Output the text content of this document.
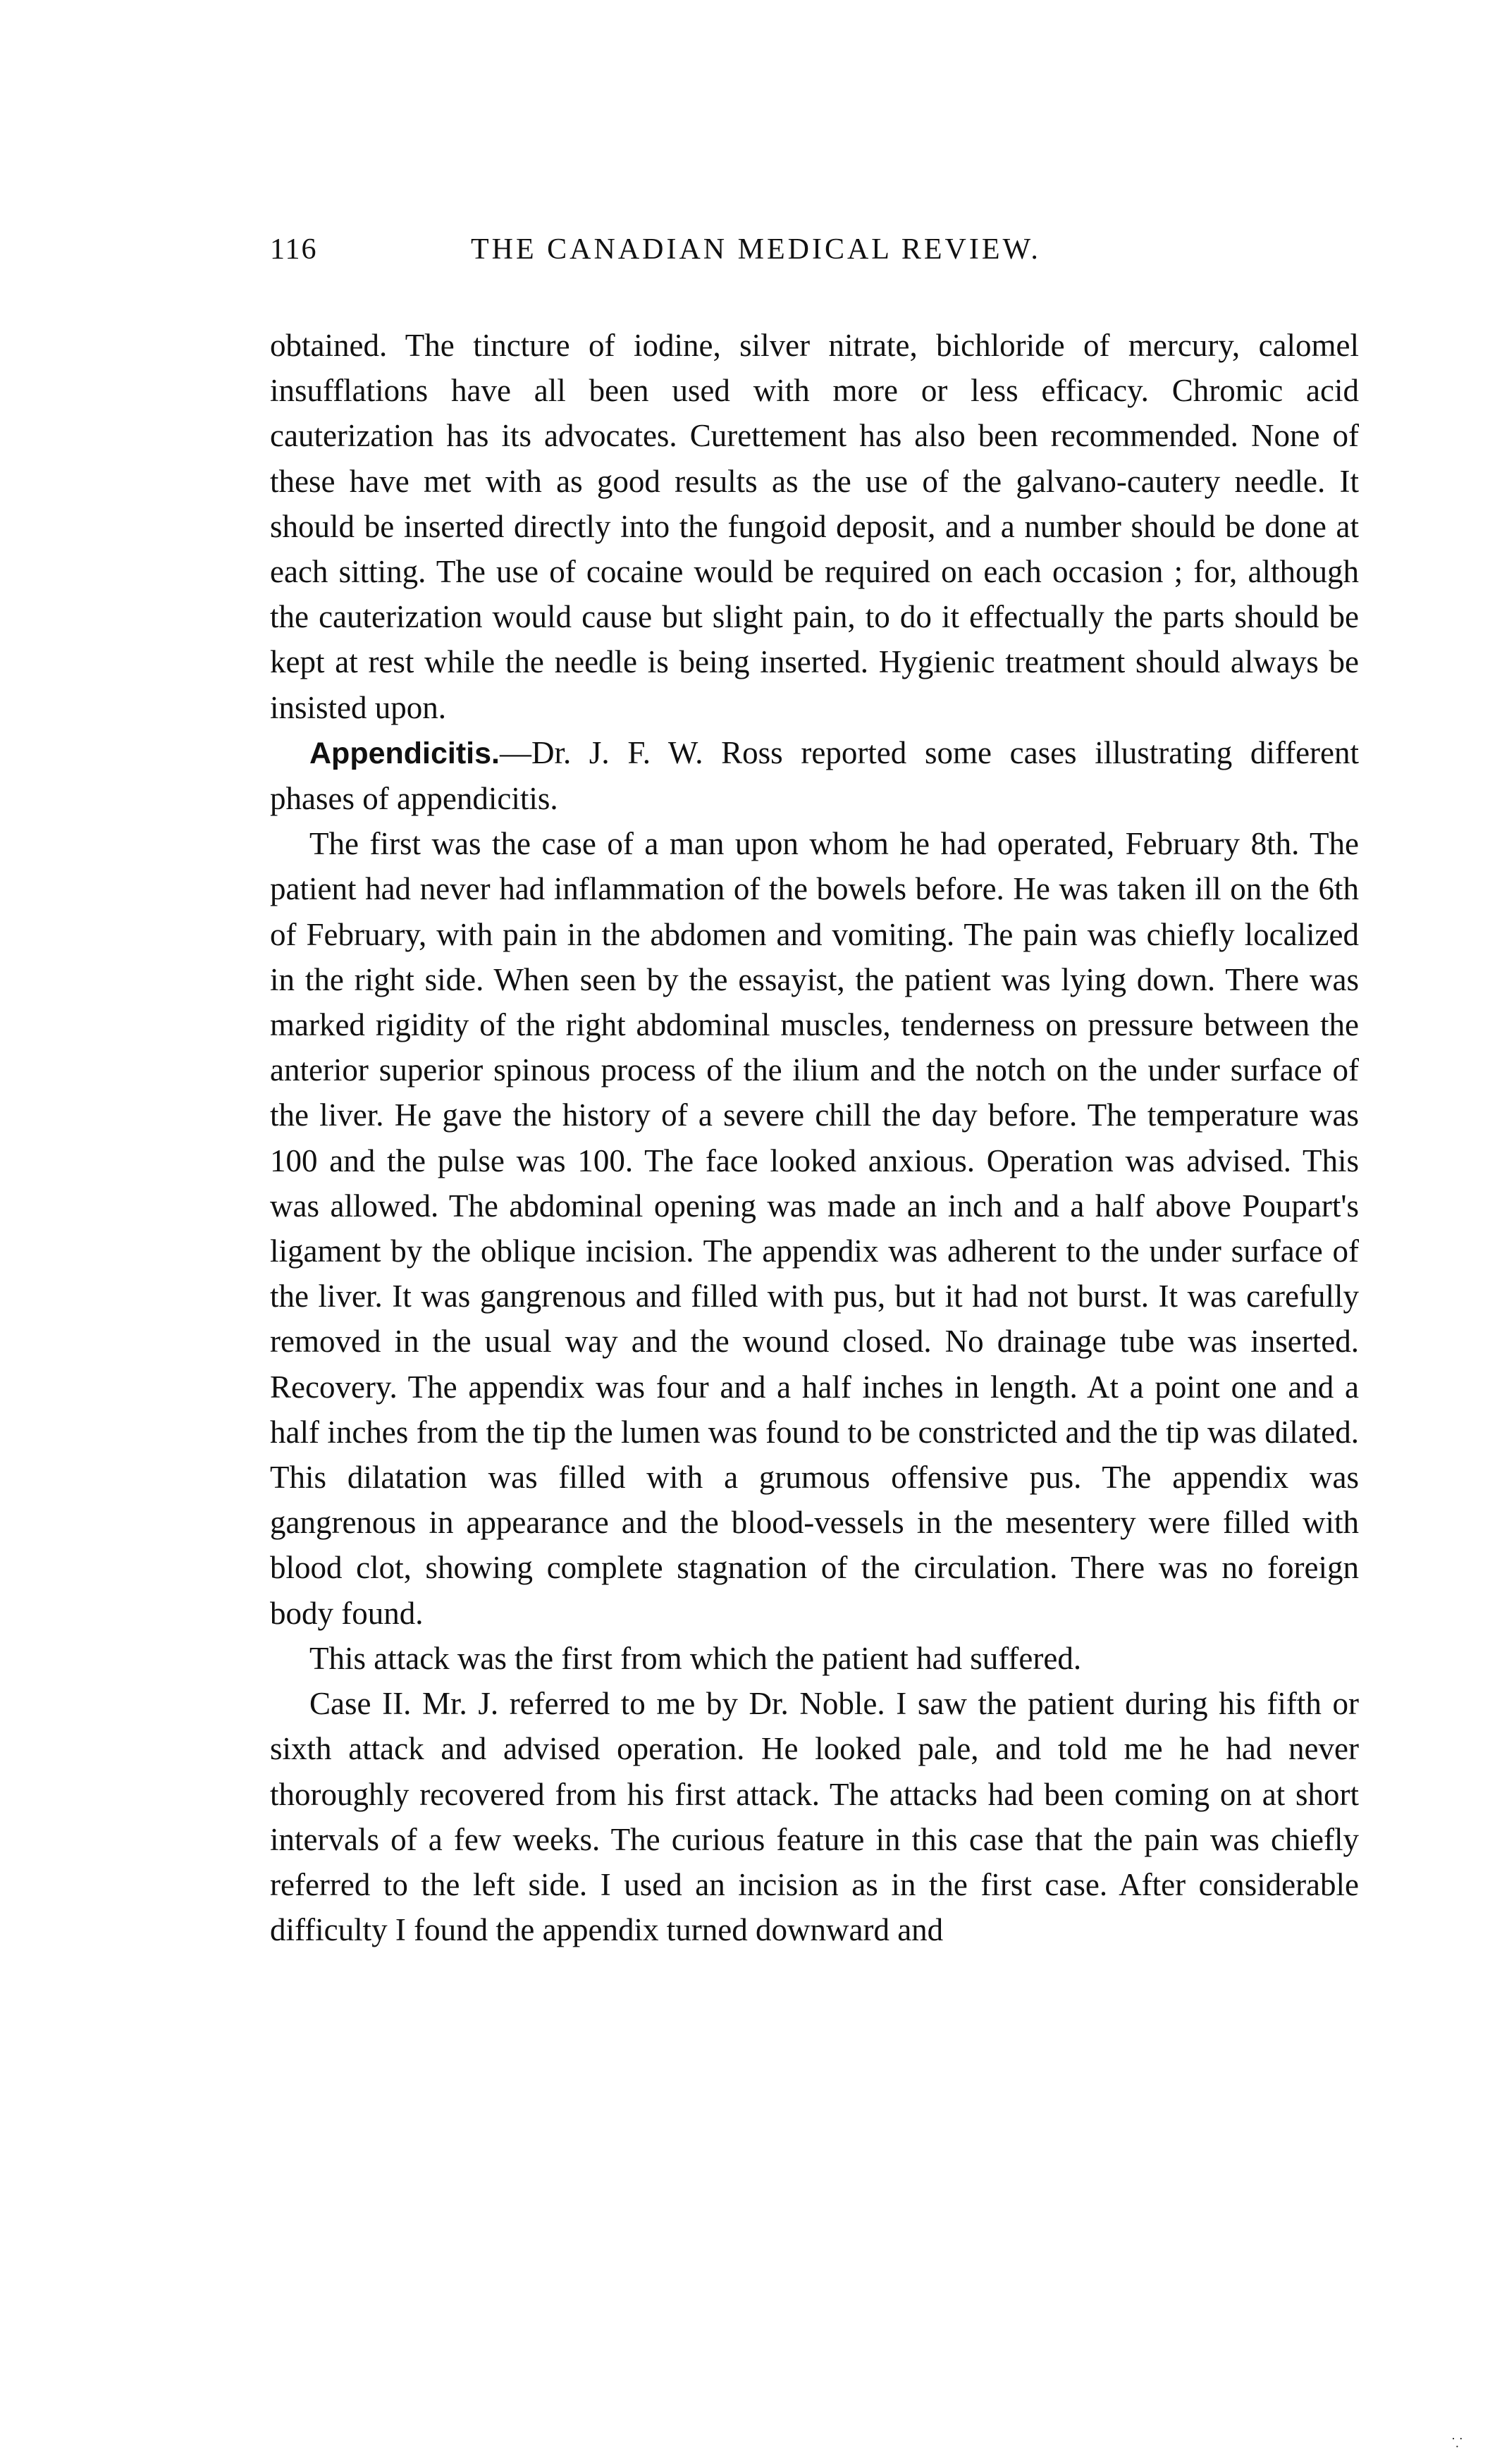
116	THE CANADIAN MEDICAL REVIEW.

obtained. The tincture of iodine, silver nitrate, bichloride of mercury, calomel insufflations have all been used with more or less efficacy. Chromic acid cauterization has its advocates. Curettement has also been recommended. None of these have met with as good results as the use of the galvano-cautery needle. It should be inserted directly into the fungoid deposit, and a number should be done at each sitting. The use of cocaine would be required on each occasion ; for, although the cauterization would cause but slight pain, to do it effectually the parts should be kept at rest while the needle is being inserted. Hygienic treatment should always be insisted upon.

Appendicitis.—Dr. J. F. W. Ross reported some cases illustrating different phases of appendicitis.

The first was the case of a man upon whom he had operated, February 8th. The patient had never had inflammation of the bowels before. He was taken ill on the 6th of February, with pain in the abdomen and vomiting. The pain was chiefly localized in the right side. When seen by the essayist, the patient was lying down. There was marked rigidity of the right abdominal muscles, tenderness on pressure between the anterior superior spinous process of the ilium and the notch on the under surface of the liver. He gave the history of a severe chill the day before. The temperature was 100 and the pulse was 100. The face looked anxious. Operation was advised. This was allowed. The abdominal opening was made an inch and a half above Poupart's ligament by the oblique incision. The appendix was adherent to the under surface of the liver. It was gangrenous and filled with pus, but it had not burst. It was carefully removed in the usual way and the wound closed. No drainage tube was inserted. Recovery. The appendix was four and a half inches in length. At a point one and a half inches from the tip the lumen was found to be constricted and the tip was dilated. This dilatation was filled with a grumous offensive pus. The appendix was gangrenous in appearance and the blood-vessels in the mesentery were filled with blood clot, showing complete stagnation of the circulation. There was no foreign body found.

This attack was the first from which the patient had suffered.

Case II. Mr. J. referred to me by Dr. Noble. I saw the patient during his fifth or sixth attack and advised operation. He looked pale, and told me he had never thoroughly recovered from his first attack. The attacks had been coming on at short intervals of a few weeks. The curious feature in this case that the pain was chiefly referred to the left side. I used an incision as in the first case. After considerable difficulty I found the appendix turned downward and

⸪
